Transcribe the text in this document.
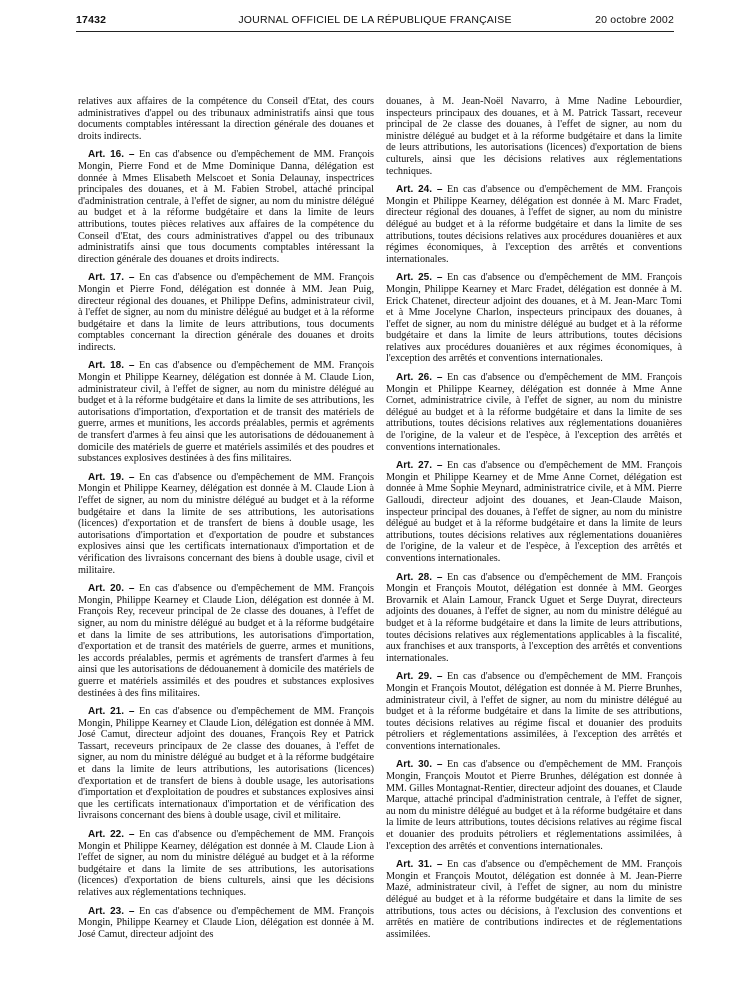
17432	JOURNAL OFFICIEL DE LA RÉPUBLIQUE FRANÇAISE	20 octobre 2002

relatives aux affaires de la compétence du Conseil d'Etat, des cours administratives d'appel ou des tribunaux administratifs ainsi que tous documents comptables intéressant la direction générale des douanes et droits indirects.

Art. 16. – En cas d'absence ou d'empêchement de MM. François Mongin, Pierre Fond et de Mme Dominique Danna, délégation est donnée à Mmes Elisabeth Melscoet et Sonia Delaunay, inspectrices principales des douanes, et à M. Fabien Strobel, attaché principal d'administration centrale, à l'effet de signer, au nom du ministre délégué au budget et à la réforme budgétaire et dans la limite de leurs attributions, toutes pièces relatives aux affaires de la compétence du Conseil d'Etat, des cours administratives d'appel ou des tribunaux administratifs ainsi que tous documents comptables intéressant la direction générale des douanes et droits indirects.

Art. 17. – En cas d'absence ou d'empêchement de MM. François Mongin et Pierre Fond, délégation est donnée à MM. Jean Puig, directeur régional des douanes, et Philippe Defins, administrateur civil, à l'effet de signer, au nom du ministre délégué au budget et à la réforme budgétaire et dans la limite de leurs attributions, tous documents comptables concernant la direction générale des douanes et droits indirects.

Art. 18. – En cas d'absence ou d'empêchement de MM. François Mongin et Philippe Kearney, délégation est donnée à M. Claude Lion, administrateur civil, à l'effet de signer, au nom du ministre délégué au budget et à la réforme budgétaire et dans la limite de ses attributions, les autorisations d'importation, d'exportation et de transit des matériels de guerre, armes et munitions, les accords préalables, permis et agréments de transfert d'armes à feu ainsi que les autorisations de dédouanement à domicile des matériels de guerre et matériels assimilés et des poudres et substances explosives destinées à des fins militaires.

Art. 19. – En cas d'absence ou d'empêchement de MM. François Mongin et Philippe Kearney, délégation est donnée à M. Claude Lion à l'effet de signer, au nom du ministre délégué au budget et à la réforme budgétaire et dans la limite de ses attributions, les autorisations (licences) d'exportation et de transfert de biens à double usage, les autorisations d'importation et d'exportation de poudre et substances explosives ainsi que les certificats internationaux d'importation et de vérification des livraisons concernant des biens à double usage, civil et militaire.

Art. 20. – En cas d'absence ou d'empêchement de MM. François Mongin, Philippe Kearney et Claude Lion, délégation est donnée à M. François Rey, receveur principal de 2e classe des douanes, à l'effet de signer, au nom du ministre délégué au budget et à la réforme budgétaire et dans la limite de ses attributions, les autorisations d'importation, d'exportation et de transit des matériels de guerre, armes et munitions, les accords préalables, permis et agréments de transfert d'armes à feu ainsi que les autorisations de dédouanement à domicile des matériels de guerre et matériels assimilés et des poudres et substances explosives destinées à des fins militaires.

Art. 21. – En cas d'absence ou d'empêchement de MM. François Mongin, Philippe Kearney et Claude Lion, délégation est donnée à MM. José Camut, directeur adjoint des douanes, François Rey et Patrick Tassart, receveurs principaux de 2e classe des douanes, à l'effet de signer, au nom du ministre délégué au budget et à la réforme budgétaire et dans la limite de leurs attributions, les autorisations (licences) d'exportation et de transfert de biens à double usage, les autorisations d'importation et d'exploitation de poudres et substances explosives ainsi que les certificats internationaux d'importation et de vérification des livraisons concernant des biens à double usage, civil et militaire.

Art. 22. – En cas d'absence ou d'empêchement de MM. François Mongin et Philippe Kearney, délégation est donnée à M. Claude Lion à l'effet de signer, au nom du ministre délégué au budget et à la réforme budgétaire et dans la limite de ses attributions, les autorisations (licences) d'exportation de biens culturels, ainsi que les décisions relatives aux réglementations techniques.

Art. 23. – En cas d'absence ou d'empêchement de MM. François Mongin, Philippe Kearney et Claude Lion, délégation est donnée à M. José Camut, directeur adjoint des

douanes, à M. Jean-Noël Navarro, à Mme Nadine Lebourdier, inspecteurs principaux des douanes, et à M. Patrick Tassart, receveur principal de 2e classe des douanes, à l'effet de signer, au nom du ministre délégué au budget et à la réforme budgétaire et dans la limite de leurs attributions, les autorisations (licences) d'exportation de biens culturels, ainsi que les décisions relatives aux réglementations techniques.

Art. 24. – En cas d'absence ou d'empêchement de MM. François Mongin et Philippe Kearney, délégation est donnée à M. Marc Fradet, directeur régional des douanes, à l'effet de signer, au nom du ministre délégué au budget et à la réforme budgétaire et dans la limite de ses attributions, toutes décisions relatives aux procédures douanières et aux régimes économiques, à l'exception des arrêtés et conventions internationales.

Art. 25. – En cas d'absence ou d'empêchement de MM. François Mongin, Philippe Kearney et Marc Fradet, délégation est donnée à M. Erick Chatenet, directeur adjoint des douanes, et à M. Jean-Marc Tomi et à Mme Jocelyne Charlon, inspecteurs principaux des douanes, à l'effet de signer, au nom du ministre délégué au budget et à la réforme budgétaire et dans la limite de leurs attributions, toutes décisions relatives aux procédures douanières et aux régimes économiques, à l'exception des arrêtés et conventions internationales.

Art. 26. – En cas d'absence ou d'empêchement de MM. François Mongin et Philippe Kearney, délégation est donnée à Mme Anne Cornet, administratrice civile, à l'effet de signer, au nom du ministre délégué au budget et à la réforme budgétaire et dans la limite de ses attributions, toutes décisions relatives aux réglementations douanières de l'origine, de la valeur et de l'espèce, à l'exception des arrêtés et conventions internationales.

Art. 27. – En cas d'absence ou d'empêchement de MM. François Mongin et Philippe Kearney et de Mme Anne Cornet, délégation est donnée à Mme Sophie Meynard, administratrice civile, et à MM. Pierre Galloudi, directeur adjoint des douanes, et Jean-Claude Maison, inspecteur principal des douanes, à l'effet de signer, au nom du ministre délégué au budget et à la réforme budgétaire et dans la limite de leurs attributions, toutes décisions relatives aux réglementations douanières de l'origine, de la valeur et de l'espèce, à l'exception des arrêtés et conventions internationales.

Art. 28. – En cas d'absence ou d'empêchement de MM. François Mongin et François Moutot, délégation est donnée à MM. Georges Brovarnik et Alain Lamour, Franck Uguet et Serge Duyrat, directeurs adjoints des douanes, à l'effet de signer, au nom du ministre délégué au budget et à la réforme budgétaire et dans la limite de leurs attributions, toutes décisions relatives aux réglementations applicables à la fiscalité, aux franchises et aux transports, à l'exception des arrêtés et conventions internationales.

Art. 29. – En cas d'absence ou d'empêchement de MM. François Mongin et François Moutot, délégation est donnée à M. Pierre Brunhes, administrateur civil, à l'effet de signer, au nom du ministre délégué au budget et à la réforme budgétaire et dans la limite de ses attributions, toutes décisions relatives au régime fiscal et douanier des produits pétroliers et réglementations assimilées, à l'exception des arrêtés et conventions internationales.

Art. 30. – En cas d'absence ou d'empêchement de MM. François Mongin, François Moutot et Pierre Brunhes, délégation est donnée à MM. Gilles Montagnat-Rentier, directeur adjoint des douanes, et Claude Marque, attaché principal d'administration centrale, à l'effet de signer, au nom du ministre délégué au budget et à la réforme budgétaire et dans la limite de leurs attributions, toutes décisions relatives au régime fiscal et douanier des produits pétroliers et réglementations assimilées, à l'exception des arrêtés et conventions internationales.

Art. 31. – En cas d'absence ou d'empêchement de MM. François Mongin et François Moutot, délégation est donnée à M. Jean-Pierre Mazé, administrateur civil, à l'effet de signer, au nom du ministre délégué au budget et à la réforme budgétaire et dans la limite de ses attributions, tous actes ou décisions, à l'exclusion des conventions et arrêtés en matière de contributions indirectes et de réglementations assimilées.
